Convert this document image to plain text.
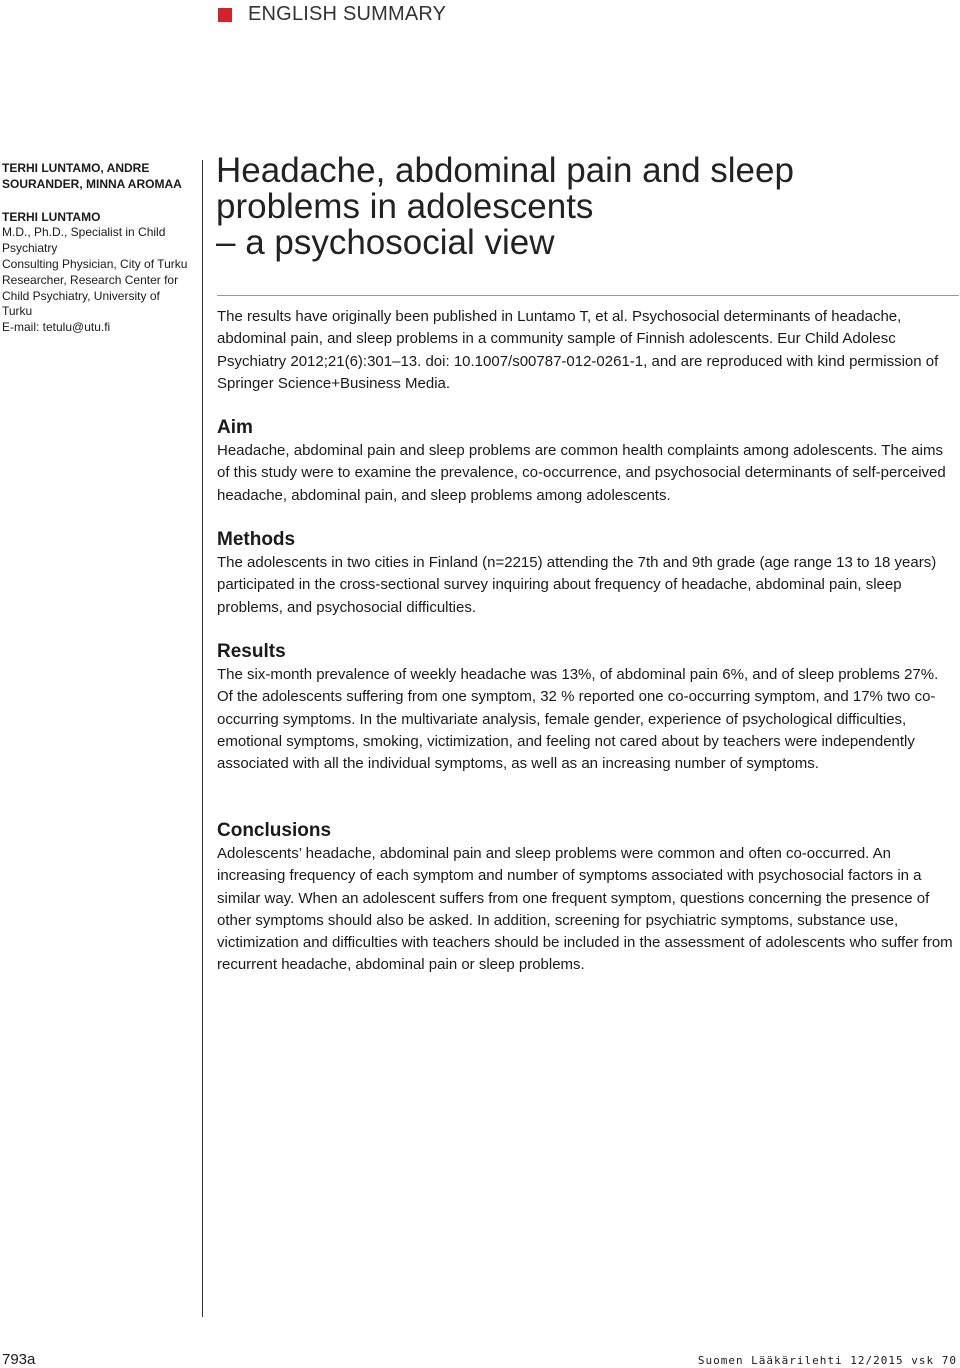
ENGLISH SUMMARY
TERHI LUNTAMO, ANDRE SOURANDER, MINNA AROMAA
TERHI LUNTAMO
M.D., Ph.D., Specialist in Child Psychiatry
Consulting Physician, City of Turku
Researcher, Research Center for Child Psychiatry, University of Turku
E-mail: tetulu@utu.fi
Headache, abdominal pain and sleep
problems in adolescents
– a psychosocial view
The results have originally been published in Luntamo T, et al. Psychosocial determinants of headache, abdominal pain, and sleep problems in a community sample of Finnish adolescents. Eur Child Adolesc Psychiatry 2012;21(6):301–13. doi: 10.1007/s00787-012-0261-1, and are reproduced with kind permission of Springer Science+Business Media.
Aim

Headache, abdominal pain and sleep problems are common health complaints among adolescents. The aims of this study were to examine the prevalence, co-occurrence, and psychosocial determinants of self-perceived headache, abdominal pain, and sleep problems among adolescents.

Methods

The adolescents in two cities in Finland (n=2215) attending the 7th and 9th grade (age range 13 to 18 years) participated in the cross-sectional survey inquiring about frequency of headache, abdominal pain, sleep problems, and psychosocial difficulties.

Results

The six-month prevalence of weekly headache was 13%, of abdominal pain 6%, and of sleep problems 27%. Of the adolescents suffering from one symptom, 32 % reported one co-occurring symptom, and 17% two co-occurring symptoms. In the multivariate analysis, female gender, experience of psychological difficulties, emotional symptoms, smoking, victimization, and feeling not cared about by teachers were independently associated with all the individual symptoms, as well as an increasing number of symptoms.

Conclusions

Adolescents’ headache, abdominal pain and sleep problems were common and often co-occurred. An increasing frequency of each symptom and number of symptoms associated with psychosocial factors in a similar way. When an adolescent suffers from one frequent symptom, questions concerning the presence of other symptoms should also be asked. In addition, screening for psychiatric symptoms, substance use, victimization and difficulties with teachers should be included in the assessment of adolescents who suffer from recurrent headache, abdominal pain or sleep problems.

793a	Suomen Lääkärilehti 12/2015 vsk 70
